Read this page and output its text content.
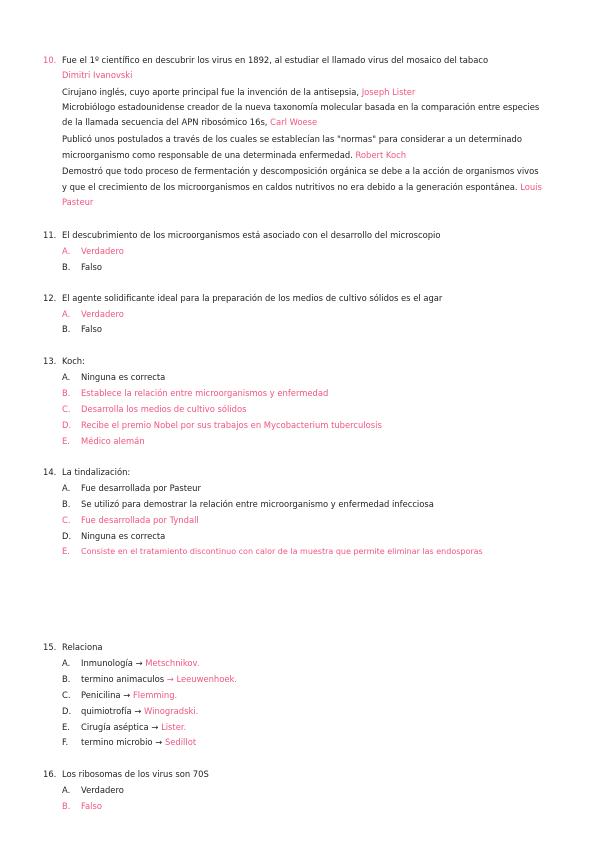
10. Fue el 1º científico en descubrir los virus en 1892, al estudiar el llamado virus del mosaico del tabaco
Dimitri Ivanovski
Cirujano inglés, cuyo aporte principal fue la invención de la antisepsia, Joseph Lister
Microbiólogo estadounidense creador de la nueva taxonomía molecular basada en la comparación entre especies
de la llamada secuencia del APN ribosómico 16s, Carl Woese
Publicó unos postulados a través de los cuales se establecían las "normas" para considerar a un determinado
microorganismo como responsable de una determinada enfermedad. Robert Koch
Demostró que todo proceso de fermentación y descomposición orgánica se debe a la acción de organismos vivos
y que el crecimiento de los microorganismos en caldos nutritivos no era debido a la generación espontánea. Louis
Pasteur
11. El descubrimiento de los microorganismos está asociado con el desarrollo del microscopio
A. Verdadero
B. Falso
12. El agente solidificante ideal para la preparación de los medios de cultivo sólidos es el agar
A. Verdadero
B. Falso
13. Koch:
A. Ninguna es correcta
B. Establece la relación entre microorganismos y enfermedad
C. Desarrolla los medios de cultivo sólidos
D. Recibe el premio Nobel por sus trabajos en Mycobacterium tuberculosis
E. Médico alemán
14. La tindalización:
A. Fue desarrollada por Pasteur
B. Se utilizó para demostrar la relación entre microorganismo y enfermedad infecciosa
C. Fue desarrollada por Tyndall
D. Ninguna es correcta
E. Consiste en el tratamiento discontinuo con calor de la muestra que permite eliminar las endosporas
15. Relaciona
A. Inmunología → Metschnikov.
B. termino animaculos → Leeuwenhoek.
C. Penicilina → Flemming.
D. quimiotrofía → Winogradski.
E. Cirugía aséptica → Lister.
F. termino microbio → Sedillot
16. Los ribosomas de los virus son 70S
A. Verdadero
B. Falso
